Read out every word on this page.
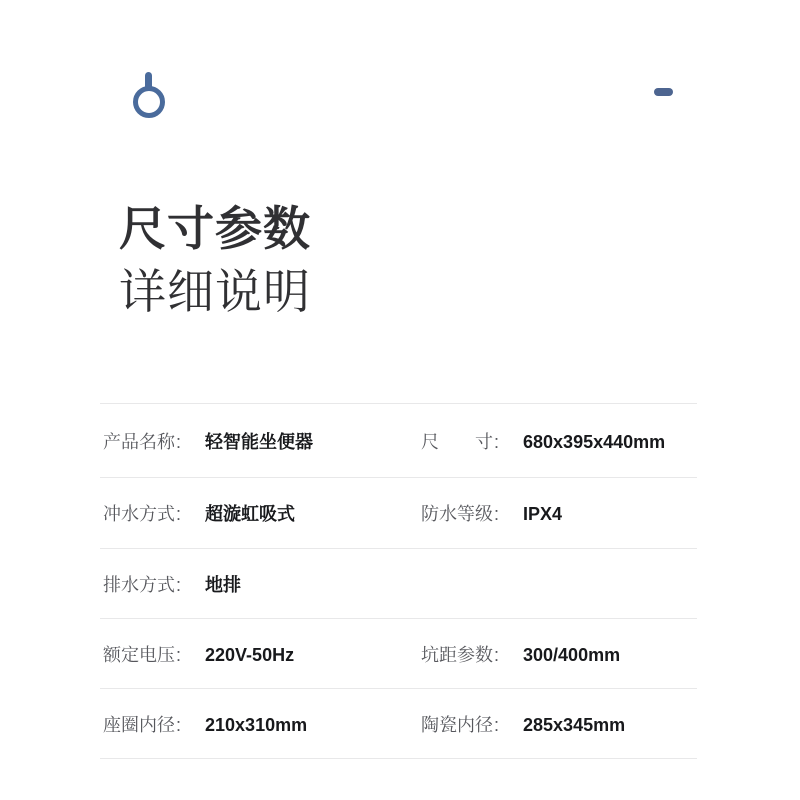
尺寸参数
详细说明
产品名称 : 轻智能坐便器	尺寸 : 680x395x440mm
冲水方式 : 超漩虹吸式	防水等级 : IPX4
排水方式 : 地排
额定电压 : 220V-50Hz	坑距参数 : 300/400mm
座圈内径 : 210x310mm	陶瓷内径 : 285x345mm
